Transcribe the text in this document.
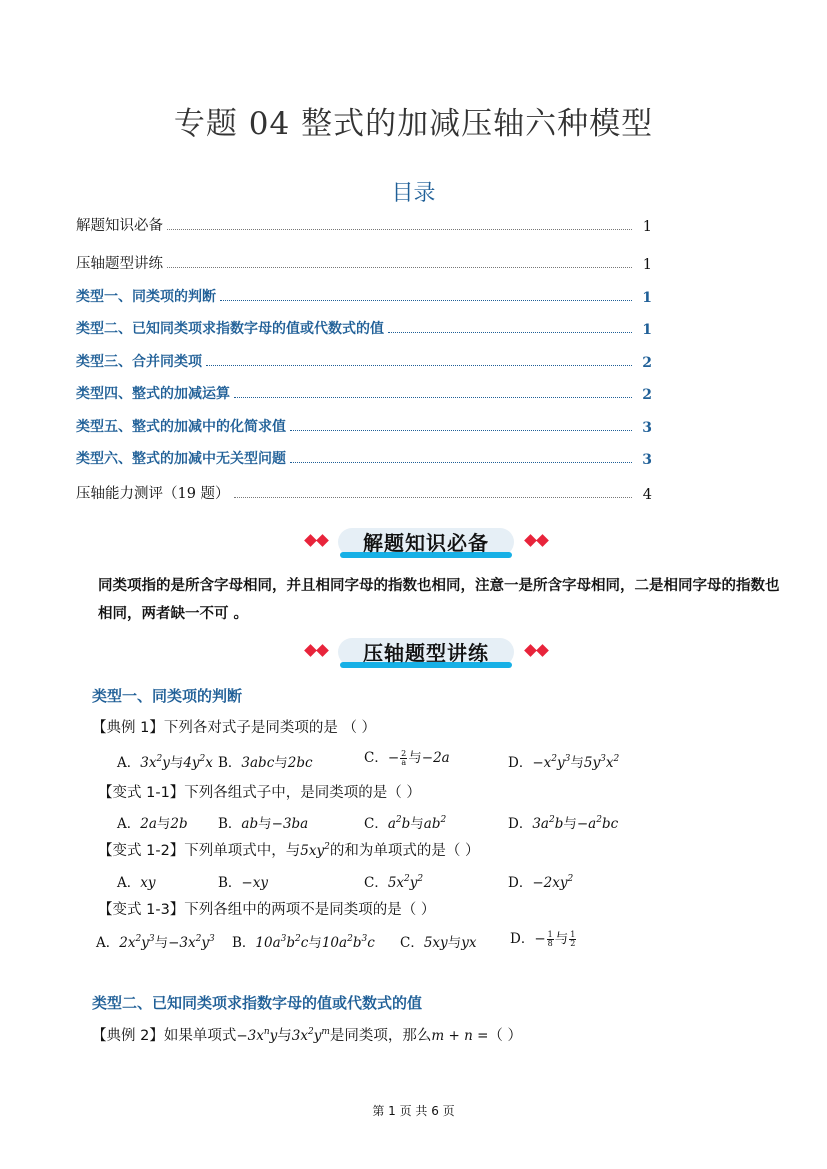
专题 04 整式的加减压轴六种模型
目录
解题知识必备	1
压轴题型讲练	1
类型一、同类项的判断	1
类型二、已知同类项求指数字母的值或代数式的值	1
类型三、合并同类项	2
类型四、整式的加减运算	2
类型五、整式的加减中的化简求值	3
类型六、整式的加减中无关型问题	3
压轴能力测评（19 题）	4
解题知识必备
同类项指的是所含字母相同，并且相同字母的指数也相同，注意一是所含字母相同，二是相同字母的指数也
相同，两者缺一不可 。
压轴题型讲练
类型一、同类项的判断
【典例 1】下列各对式子是同类项的是 （ ）
A．$3x^2y$与$4y^2x$ B．3abc与2bc	C．− $\frac{2}{a}$ 与−2a	D．$-x^2y^3$与$5y^3x^2$
【变式 1-1】下列各组式子中，是同类项的是（ ）
A．2a与2b B．ab与−3ba	C．$a^2b$与$ab^2$	D．$3a^2b$与$-a^2bc$
【变式 1-2】下列单项式中，与$5xy^2$的和为单项式的是（ ）
A．xy	B．−xy	C．$5x^2y^2$	D．$-2xy^2$
【变式 1-3】下列各组中的两项不是同类项的是（ ）
A．$2x^2y^3$与$-3x^2y^3$ B．$10a^3b^2c$与$10a^2b^3c$ C．5xy与yx D．− $\frac{1}{8}$ 与 $\frac{1}{2}$
类型二、已知同类项求指数字母的值或代数式的值
【典例 2】如果单项式$-3x^ny$与$3x^2y^m$是同类项，那么m + n =（ ）
第 1 页 共 6 页
